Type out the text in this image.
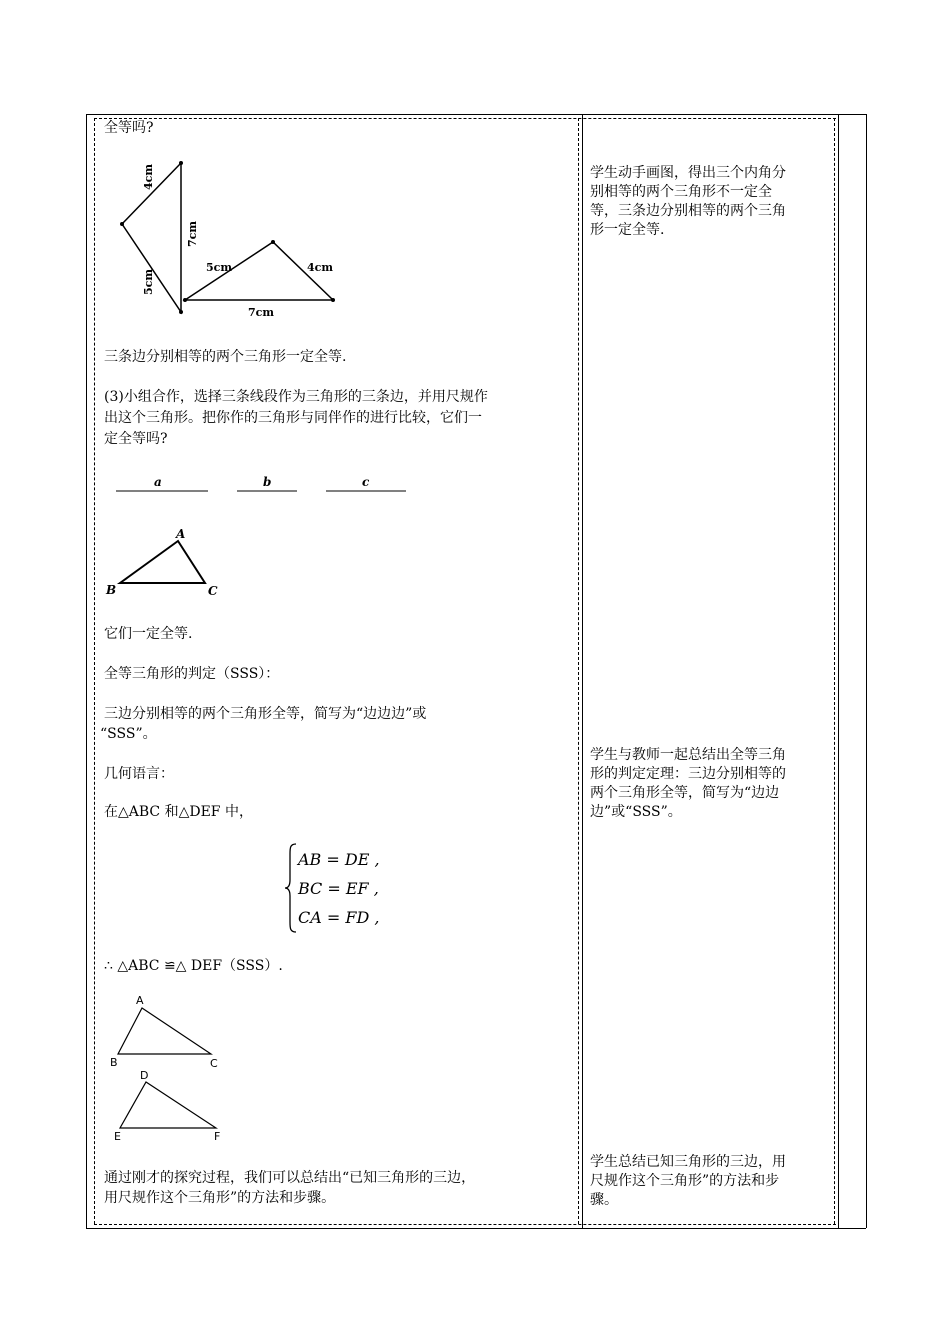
全等吗?
4cm
7cm
5cm
5cm	4cm
7cm
三条边分别相等的两个三角形一定全等.
(3)小组合作，选择三条线段作为三角形的三条边，并用尺规作
出这个三角形。把你作的三角形与同伴作的进行比较，它们一
定全等吗?
a	b	c
A
B	C
它们一定全等.
全等三角形的判定（SSS）：
三边分别相等的两个三角形全等，简写为“边边边”或
“SSS”。
几何语言：
在△ABC 和△DEF 中，
AB = DE ,
BC = EF ,
CA = FD ,
∴ △ABC ≌△ DEF（SSS）.
A
B	C
D
E	F
通过刚才的探究过程，我们可以总结出“已知三角形的三边，
用尺规作这个三角形”的方法和步骤。
学生动手画图，得出三个内角分
别相等的两个三角形不一定全
等，三条边分别相等的两个三角
形一定全等.
学生与教师一起总结出全等三角
形的判定定理：三边分别相等的
两个三角形全等，简写为“边边
边”或“SSS”。
学生总结已知三角形的三边，用
尺规作这个三角形”的方法和步
骤。
